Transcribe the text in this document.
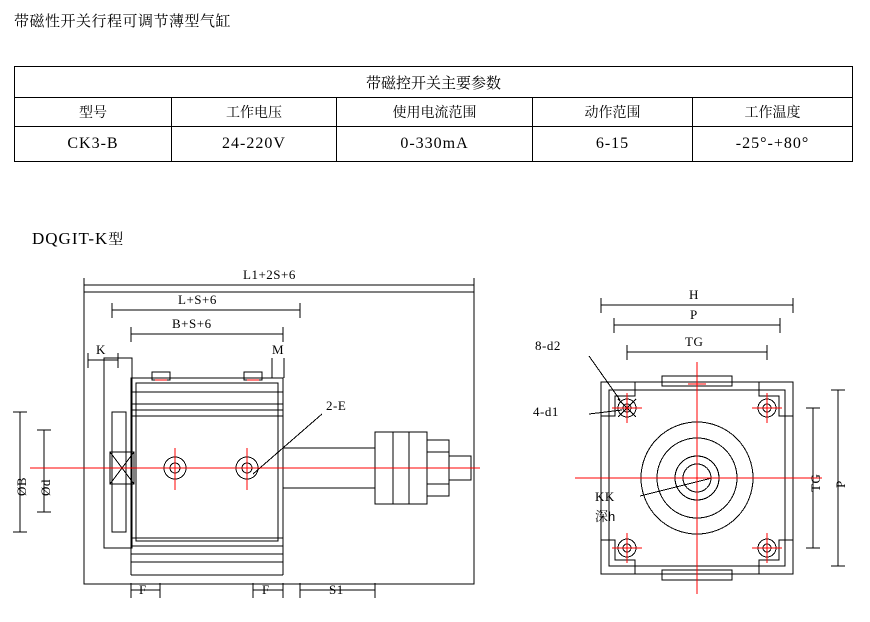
带磁性开关行程可调节薄型气缸
带磁控开关主要参数				
型号	工作电压	使用电流范围	动作范围	工作温度
CK3-B	24-220V	0-330mA	6-15	-25°-+80°
DQGIT-K型
L1+2S+6
L+S+6
B+S+6
K	M
2-E
ØB Ød
F	F	S1
H
P
TG
8-d2
4-d1
TG P
KK
深h
